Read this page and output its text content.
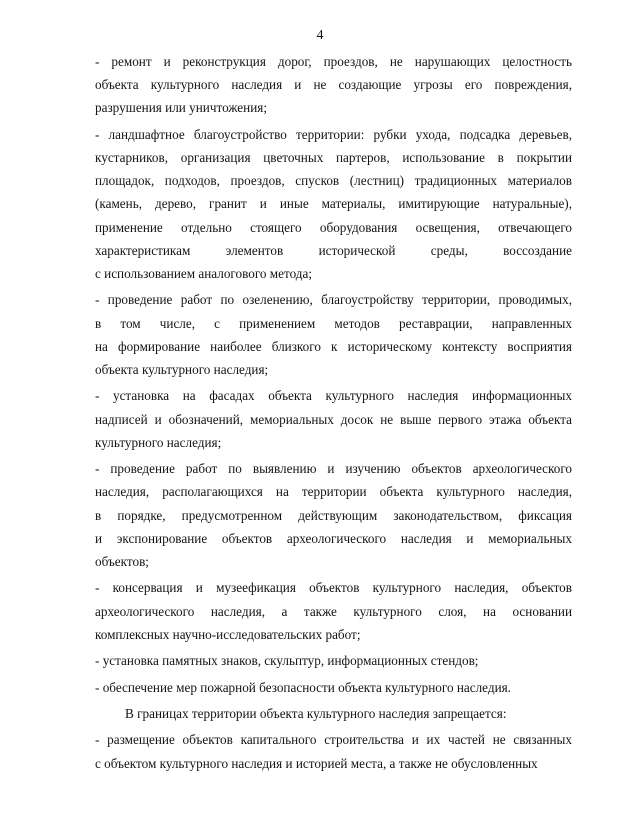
4
- ремонт и реконструкция дорог, проездов, не нарушающих целостность
объекта культурного наследия и не создающие угрозы его повреждения,
разрушения или уничтожения;
- ландшафтное благоустройство территории: рубки ухода, подсадка деревьев,
кустарников, организация цветочных партеров, использование в покрытии
площадок, подходов, проездов, спусков (лестниц) традиционных материалов
(камень, дерево, гранит и иные материалы, имитирующие натуральные),
применение отдельно стоящего оборудования освещения, отвечающего
характеристикам элементов исторической среды, воссоздание
с использованием аналогового метода;
- проведение работ по озеленению, благоустройству территории, проводимых,
в том числе, с применением методов реставрации, направленных
на формирование наиболее близкого к историческому контексту восприятия
объекта культурного наследия;
- установка на фасадах объекта культурного наследия информационных
надписей и обозначений, мемориальных досок не выше первого этажа объекта
культурного наследия;
- проведение работ по выявлению и изучению объектов археологического
наследия, располагающихся на территории объекта культурного наследия,
в порядке, предусмотренном действующим законодательством, фиксация
и экспонирование объектов археологического наследия и мемориальных
объектов;
- консервация и музеефикация объектов культурного наследия, объектов
археологического наследия, а также культурного слоя, на основании
комплексных научно-исследовательских работ;
- установка памятных знаков, скульптур, информационных стендов;
- обеспечение мер пожарной безопасности объекта культурного наследия.
В границах территории объекта культурного наследия запрещается:
- размещение объектов капитального строительства и их частей не связанных
с объектом культурного наследия и историей места, а также не обусловленных
